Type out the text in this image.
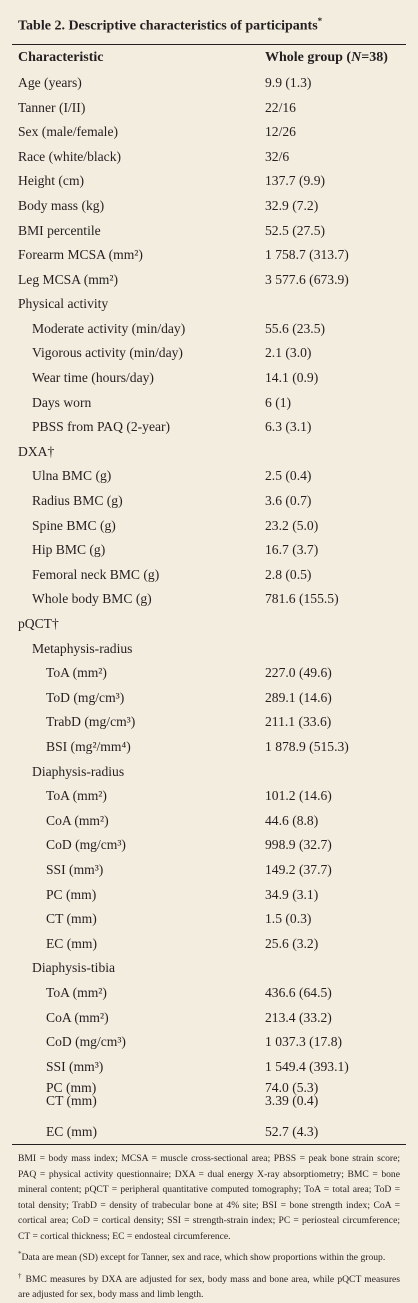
Table 2. Descriptive characteristics of participants*
Characteristic	Whole group (N=38)
Age (years)	9.9 (1.3)
Tanner (I/II)	22/16
Sex (male/female)	12/26
Race (white/black)	32/6
Height (cm)	137.7 (9.9)
Body mass (kg)	32.9 (7.2)
BMI percentile	52.5 (27.5)
Forearm MCSA (mm²)	1 758.7 (313.7)
Leg MCSA (mm²)	3 577.6 (673.9)
Physical activity	
Moderate activity (min/day)	55.6 (23.5)
Vigorous activity (min/day)	2.1 (3.0)
Wear time (hours/day)	14.1 (0.9)
Days worn	6 (1)
PBSS from PAQ (2-year)	6.3 (3.1)
DXA†	
Ulna BMC (g)	2.5 (0.4)
Radius BMC (g)	3.6 (0.7)
Spine BMC (g)	23.2 (5.0)
Hip BMC (g)	16.7 (3.7)
Femoral neck BMC (g)	2.8 (0.5)
Whole body BMC (g)	781.6 (155.5)
pQCT†	
Metaphysis-radius	
ToA (mm²)	227.0 (49.6)
ToD (mg/cm³)	289.1 (14.6)
TrabD (mg/cm³)	211.1 (33.6)
BSI (mg²/mm⁴)	1 878.9 (515.3)
Diaphysis-radius	
ToA (mm²)	101.2 (14.6)
CoA (mm²)	44.6 (8.8)
CoD (mg/cm³)	998.9 (32.7)
SSI (mm³)	149.2 (37.7)
PC (mm)	34.9 (3.1)
CT (mm)	1.5 (0.3)
EC (mm)	25.6 (3.2)
Diaphysis-tibia	
ToA (mm²)	436.6 (64.5)
CoA (mm²)	213.4 (33.2)
CoD (mg/cm³)	1 037.3 (17.8)
SSI (mm³)	1 549.4 (393.1)
PC (mm)	74.0 (5.3)
CT (mm)	3.39 (0.4)
EC (mm)	52.7 (4.3)

BMI = body mass index; MCSA = muscle cross-sectional area; PBSS = peak bone strain score; PAQ = physical activity questionnaire; DXA = dual energy X-ray absorptiometry; BMC = bone mineral content; pQCT = peripheral quantitative computed tomography; ToA = total area; ToD = total density; TrabD = density of trabecular bone at 4% site; BSI = bone strength index; CoA = cortical area; CoD = cortical density; SSI = strength-strain index; PC = periosteal circumference; CT = cortical thickness; EC = endosteal circumference.

*Data are mean (SD) except for Tanner, sex and race, which show proportions within the group.

† BMC measures by DXA are adjusted for sex, body mass and bone area, while pQCT measures are adjusted for sex, body mass and limb length.
